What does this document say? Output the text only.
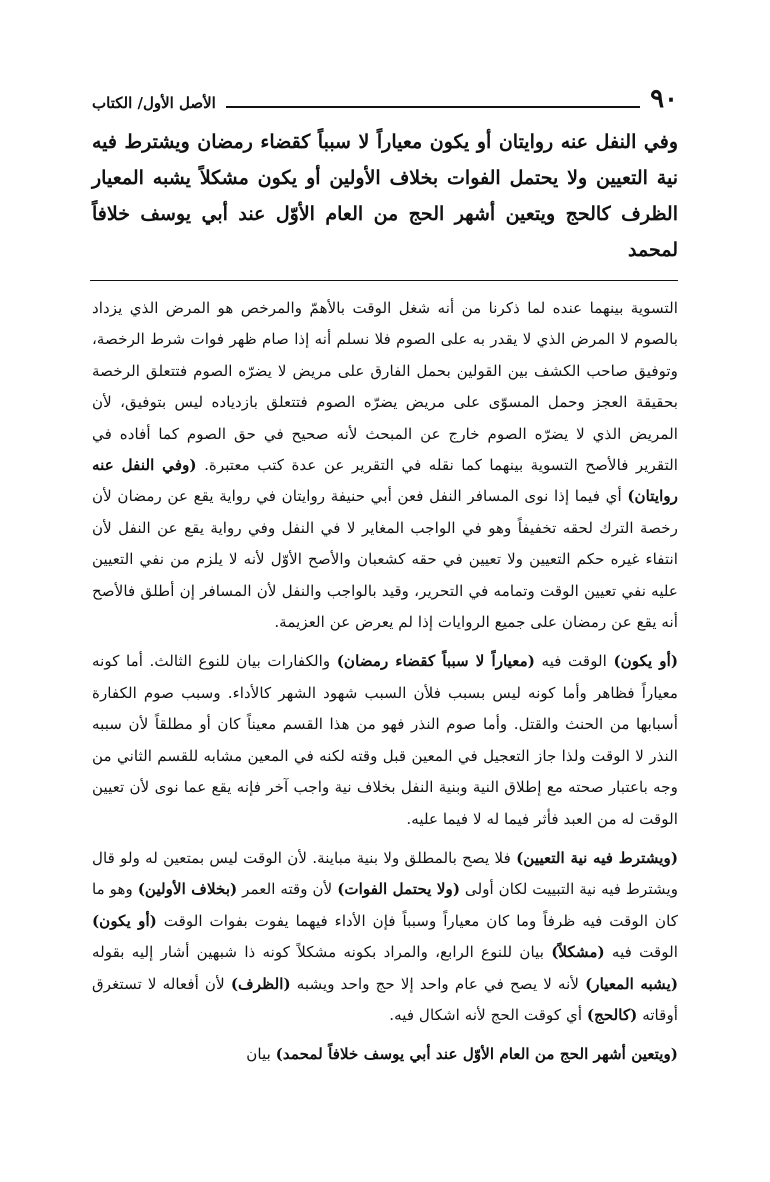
٩٠
الأصل الأول/ الكتاب
وفي النفل عنه روايتان أو يكون معياراً لا سبباً كقضاء رمضان ويشترط فيه نية التعيين ولا يحتمل الفوات بخلاف الأولين أو يكون مشكلاً يشبه المعيار الظرف كالحج ويتعين أشهر الحج من العام الأوّل عند أبي يوسف خلافاً لمحمد

التسوية بينهما عنده لما ذكرنا من أنه شغل الوقت بالأهمّ والمرخص هو المرض الذي يزداد بالصوم لا المرض الذي لا يقدر به على الصوم فلا نسلم أنه إذا صام ظهر فوات شرط الرخصة، وتوفيق صاحب الكشف بين القولين بحمل الفارق على مريض لا يضرّه الصوم فتتعلق الرخصة بحقيقة العجز وحمل المسوّى على مريض يضرّه الصوم فتتعلق بازدياده ليس بتوفيق، لأن المريض الذي لا يضرّه الصوم خارج عن المبحث لأنه صحيح في حق الصوم كما أفاده في التقرير فالأصح التسوية بينهما كما نقله في التقرير عن عدة كتب معتبرة. (وفي النفل عنه روايتان) أي فيما إذا نوى المسافر النفل فعن أبي حنيفة روايتان في رواية يقع عن رمضان لأن رخصة الترك لحقه تخفيفاً وهو في الواجب المغاير لا في النفل وفي رواية يقع عن النفل لأن انتفاء غيره حكم التعيين ولا تعيين في حقه كشعبان والأصح الأوّل لأنه لا يلزم من نفي التعيين عليه نفي تعيين الوقت وتمامه في التحرير، وقيد بالواجب والنفل لأن المسافر إن أطلق فالأصح أنه يقع عن رمضان على جميع الروايات إذا لم يعرض عن العزيمة.

(أو يكون) الوقت فيه (معياراً لا سبباً كقضاء رمضان) والكفارات بيان للنوع الثالث. أما كونه معياراً فظاهر وأما كونه ليس بسبب فلأن السبب شهود الشهر كالأداء. وسبب صوم الكفارة أسبابها من الحنث والقتل. وأما صوم النذر فهو من هذا القسم معيناً كان أو مطلقاً لأن سببه النذر لا الوقت ولذا جاز التعجيل في المعين قبل وقته لكنه في المعين مشابه للقسم الثاني من وجه باعتبار صحته مع إطلاق النية وبنية النفل بخلاف نية واجب آخر فإنه يقع عما نوى لأن تعيين الوقت له من العبد فأثر فيما له لا فيما عليه.

(ويشترط فيه نية التعيين) فلا يصح بالمطلق ولا بنية مباينة. لأن الوقت ليس بمتعين له ولو قال ويشترط فيه نية التبييت لكان أولى (ولا يحتمل الفوات) لأن وقته العمر (بخلاف الأولين) وهو ما كان الوقت فيه ظرفاً وما كان معياراً وسبباً فإن الأداء فيهما يفوت بفوات الوقت (أو يكون) الوقت فيه (مشكلاً) بيان للنوع الرابع، والمراد بكونه مشكلاً كونه ذا شبهين أشار إليه بقوله (يشبه المعيار) لأنه لا يصح في عام واحد إلا حج واحد ويشبه (الظرف) لأن أفعاله لا تستغرق أوقاته (كالحج) أي كوقت الحج لأنه اشكال فيه.

(ويتعين أشهر الحج من العام الأوّل عند أبي يوسف خلافاً لمحمد) بيان
